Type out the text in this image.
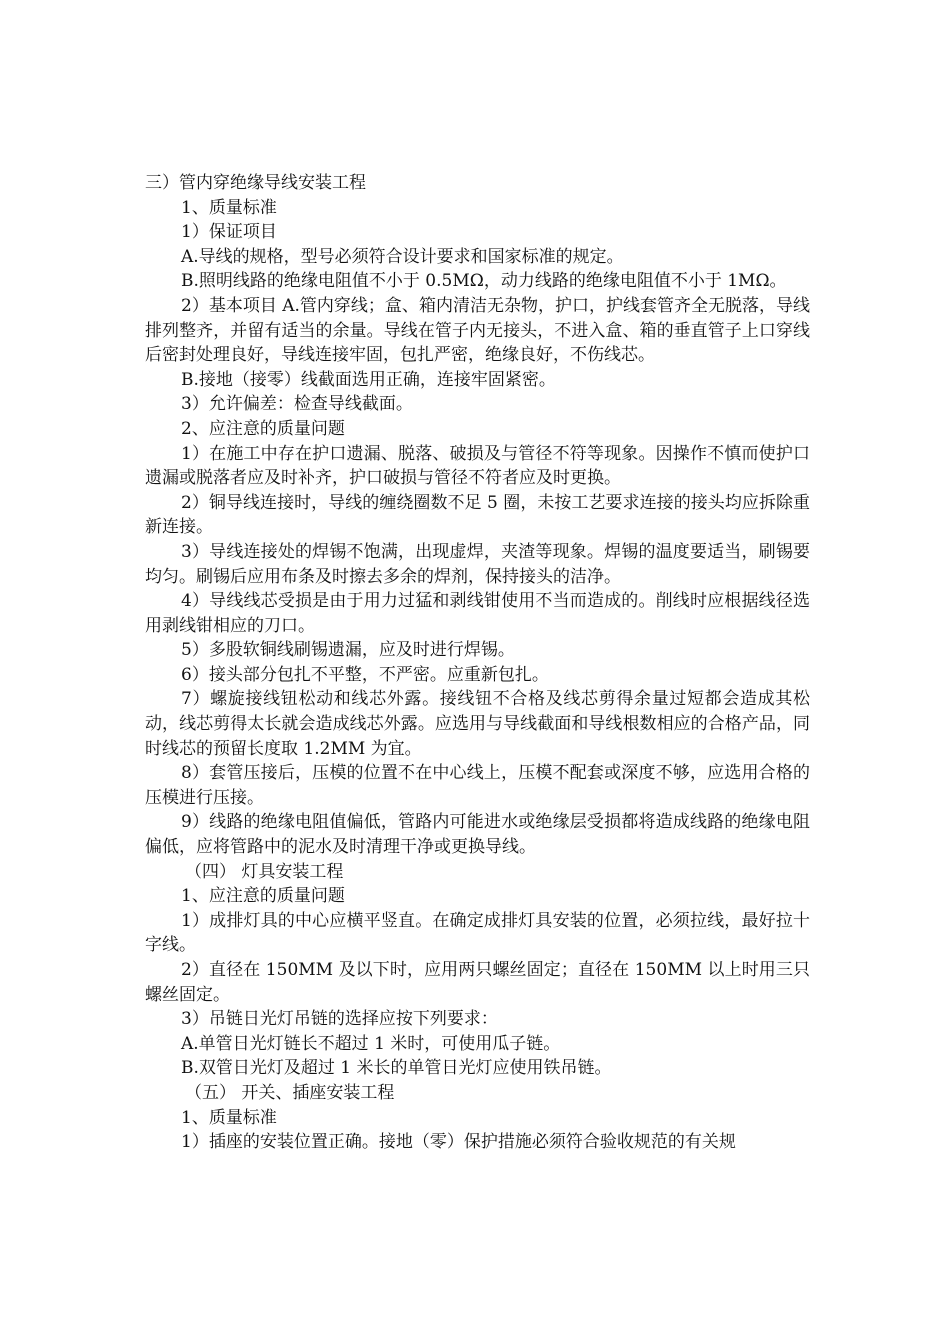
三）管内穿绝缘导线安装工程

1、质量标准

1）保证项目

A.导线的规格，型号必须符合设计要求和国家标准的规定。

B.照明线路的绝缘电阻值不小于 0.5MΩ，动力线路的绝缘电阻值不小于 1MΩ。

2）基本项目 A.管内穿线；盒、箱内清洁无杂物，护口，护线套管齐全无脱落，导线排列整齐，并留有适当的余量。导线在管子内无接头，不进入盒、箱的垂直管子上口穿线后密封处理良好，导线连接牢固，包扎严密，绝缘良好，不伤线芯。

B.接地（接零）线截面选用正确，连接牢固紧密。

3）允许偏差：检查导线截面。

2、应注意的质量问题

1）在施工中存在护口遗漏、脱落、破损及与管径不符等现象。因操作不慎而使护口遗漏或脱落者应及时补齐，护口破损与管径不符者应及时更换。

2）铜导线连接时，导线的缠绕圈数不足 5 圈，未按工艺要求连接的接头均应拆除重新连接。

3）导线连接处的焊锡不饱满，出现虚焊，夹渣等现象。焊锡的温度要适当，刷锡要均匀。刷锡后应用布条及时擦去多余的焊剂，保持接头的洁净。

4）导线线芯受损是由于用力过猛和剥线钳使用不当而造成的。削线时应根据线径选用剥线钳相应的刀口。

5）多股软铜线刷锡遗漏，应及时进行焊锡。

6）接头部分包扎不平整，不严密。应重新包扎。

7）螺旋接线钮松动和线芯外露。接线钮不合格及线芯剪得余量过短都会造成其松动，线芯剪得太长就会造成线芯外露。应选用与导线截面和导线根数相应的合格产品，同时线芯的预留长度取 1.2MM 为宜。

8）套管压接后，压模的位置不在中心线上，压模不配套或深度不够，应选用合格的压模进行压接。

9）线路的绝缘电阻值偏低，管路内可能进水或绝缘层受损都将造成线路的绝缘电阻偏低，应将管路中的泥水及时清理干净或更换导线。

（四） 灯具安装工程

1、应注意的质量问题

1）成排灯具的中心应横平竖直。在确定成排灯具安装的位置，必须拉线，最好拉十字线。

2）直径在 150MM 及以下时，应用两只螺丝固定；直径在 150MM 以上时用三只螺丝固定。

3）吊链日光灯吊链的选择应按下列要求：

A.单管日光灯链长不超过 1 米时，可使用瓜子链。

B.双管日光灯及超过 1 米长的单管日光灯应使用铁吊链。

（五） 开关、插座安装工程

1、质量标准

1）插座的安装位置正确。接地（零）保护措施必须符合验收规范的有关规
